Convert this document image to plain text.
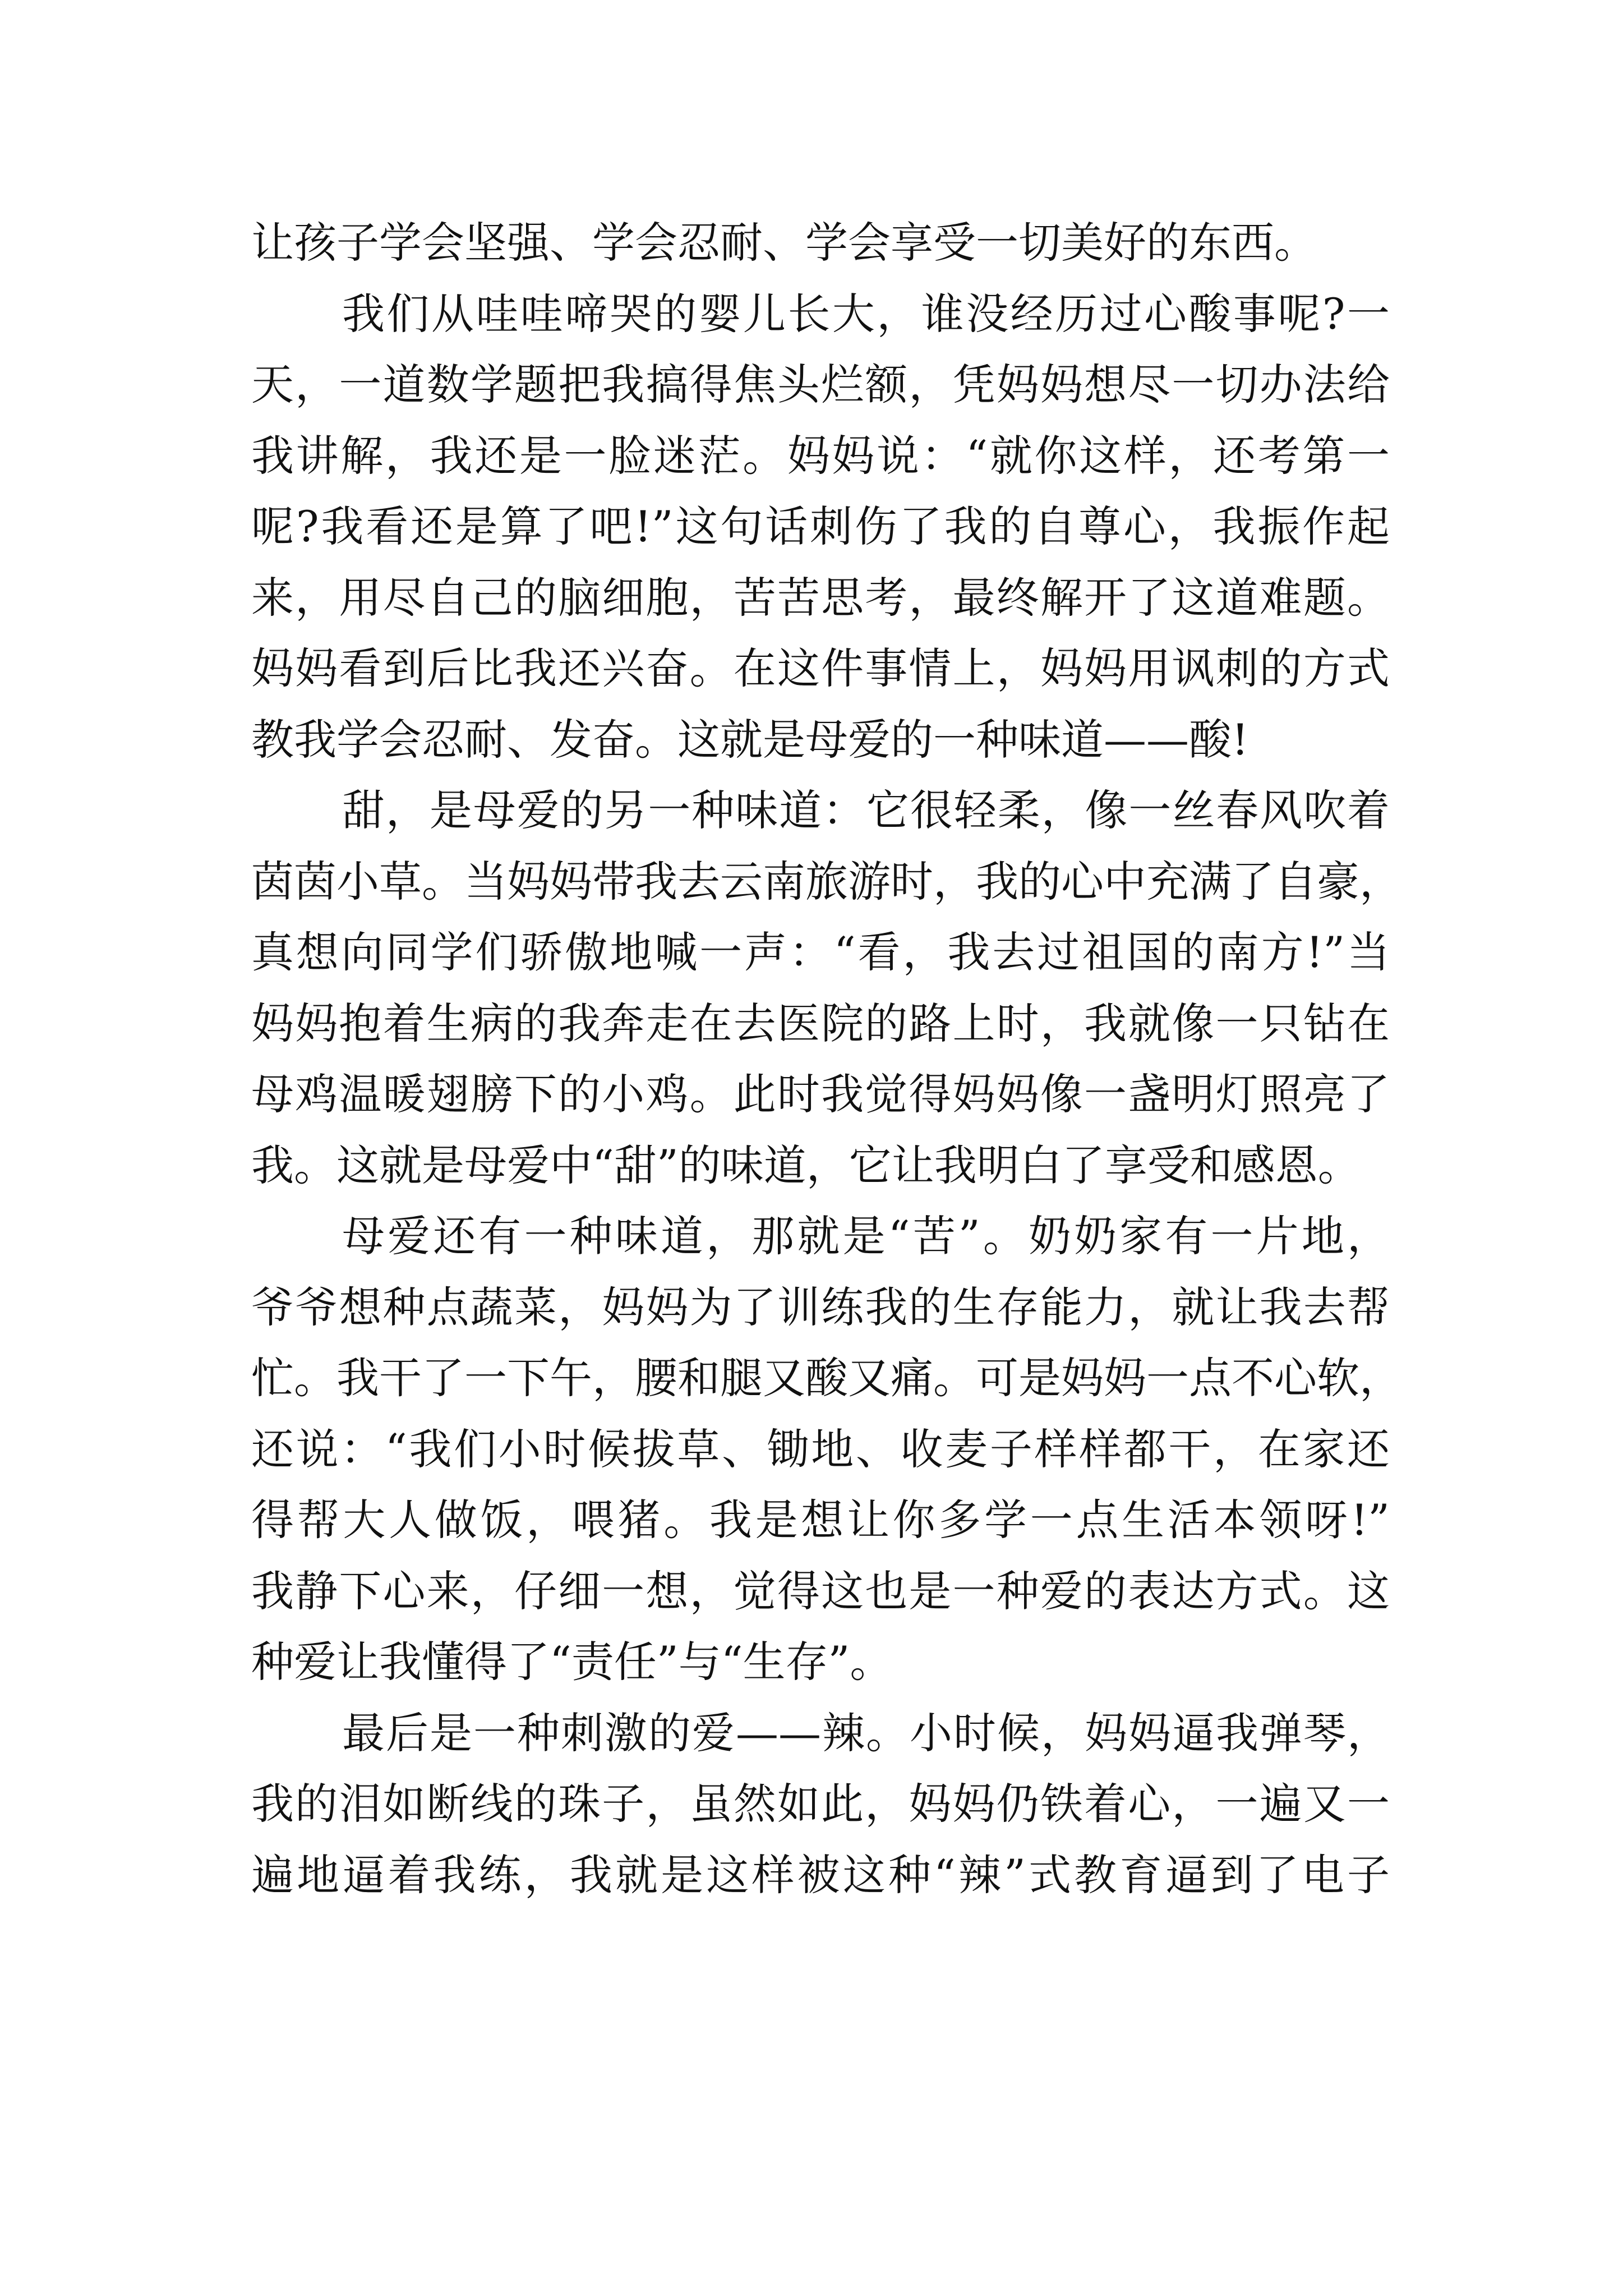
让孩子学会坚强、学会忍耐、学会享受一切美好的东西。
我们从哇哇啼哭的婴儿长大，谁没经历过心酸事呢?一
天，一道数学题把我搞得焦头烂额，凭妈妈想尽一切办法给
我讲解，我还是一脸迷茫。妈妈说：“就你这样，还考第一
呢?我看还是算了吧!”这句话刺伤了我的自尊心，我振作起
来，用尽自己的脑细胞，苦苦思考，最终解开了这道难题。
妈妈看到后比我还兴奋。在这件事情上，妈妈用讽刺的方式
教我学会忍耐、发奋。这就是母爱的一种味道——酸!
甜，是母爱的另一种味道：它很轻柔，像一丝春风吹着
茵茵小草。当妈妈带我去云南旅游时，我的心中充满了自豪，
真想向同学们骄傲地喊一声：“看，我去过祖国的南方!”当
妈妈抱着生病的我奔走在去医院的路上时，我就像一只钻在
母鸡温暖翅膀下的小鸡。此时我觉得妈妈像一盏明灯照亮了
我。这就是母爱中“甜”的味道，它让我明白了享受和感恩。
母爱还有一种味道，那就是“苦”。奶奶家有一片地，
爷爷想种点蔬菜，妈妈为了训练我的生存能力，就让我去帮
忙。我干了一下午，腰和腿又酸又痛。可是妈妈一点不心软，
还说：“我们小时候拔草、锄地、收麦子样样都干，在家还
得帮大人做饭，喂猪。我是想让你多学一点生活本领呀!”
我静下心来，仔细一想，觉得这也是一种爱的表达方式。这
种爱让我懂得了“责任”与“生存”。
最后是一种刺激的爱——辣。小时候，妈妈逼我弹琴，
我的泪如断线的珠子，虽然如此，妈妈仍铁着心，一遍又一
遍地逼着我练，我就是这样被这种“辣”式教育逼到了电子
